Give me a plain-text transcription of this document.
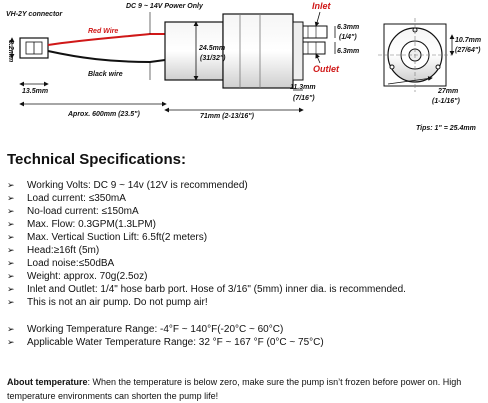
8.2mm
13.5mm
VH-2Y connector
Red Wire
Black wire
DC 9 ~ 14V Power Only
Aprox. 600mm (23.5")
24.5mm
(31/32")
71mm (2-13/16")
11.3mm
(7/16")
Inlet
Outlet
6.3mm
(1/4")
6.3mm
10.7mm
(27/64")
27mm
(1-1/16")
Tips: 1" = 25.4mm
Technical Specifications:
➢ Working Volts: DC 9 ~ 14v (12V is recommended)
➢ Load current: ≤350mA
➢ No-load current: ≤150mA
➢ Max. Flow: 0.3GPM(1.3LPM)
➢ Max. Vertical Suction Lift: 6.5ft(2 meters)
➢ Head:≥16ft (5m)
➢ Load noise:≤50dBA
➢ Weight: approx. 70g(2.5oz)
➢ Inlet and Outlet: 1/4" hose barb port. Hose of 3/16" (5mm) inner dia. is recommended.
➢ This is not an air pump. Do not pump air!
➢ Working Temperature Range: -4°F ~ 140°F(-20°C ~ 60°C)
➢ Applicable Water Temperature Range: 32 °F ~ 167 °F (0°C ~ 75°C)
About temperature: When the temperature is below zero, make sure the pump isn’t frozen before power on. High temperature environments can shorten the pump life!
